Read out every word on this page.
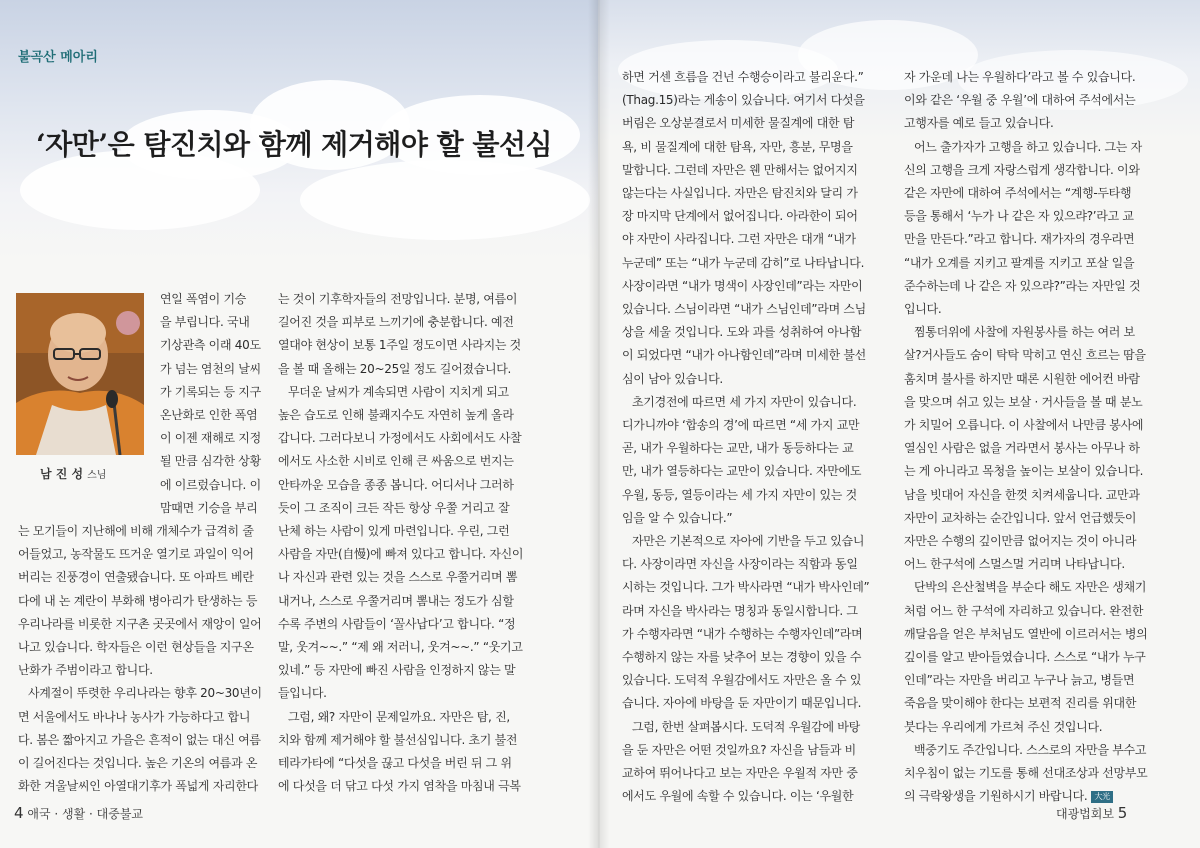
불곡산 메아리
‘자만’은 탐진치와 함께 제거해야 할 불선심
남 진 성 스님

연일 폭염이 기승

을 부립니다. 국내

기상관측 이래 40도

가 넘는 염천의 날씨

가 기록되는 등 지구

온난화로 인한 폭염

이 이젠 재해로 지정

될 만큼 심각한 상황

에 이르렀습니다. 이

맘때면 기승을 부리

는 모기들이 지난해에 비해 개체수가 급격히 줄

어들었고, 농작물도 뜨거운 열기로 과일이 익어

버리는 진풍경이 연출됐습니다. 또 아파트 베란

다에 내 논 계란이 부화해 병아리가 탄생하는 등

우리나라를 비롯한 지구촌 곳곳에서 재앙이 일어

나고 있습니다. 학자들은 이런 현상들을 지구온

난화가 주범이라고 합니다.

사계절이 뚜렷한 우리나라는 향후 20~30년이

면 서울에서도 바나나 농사가 가능하다고 합니

다. 봄은 짧아지고 가을은 흔적이 없는 대신 여름

이 길어진다는 것입니다. 높은 기온의 여름과 온

화한 겨울날씨인 아열대기후가 폭넓게 자리한다

는 것이 기후학자들의 전망입니다. 분명, 여름이

길어진 것을 피부로 느끼기에 충분합니다. 예전

열대야 현상이 보통 1주일 정도이면 사라지는 것

을 볼 때 올해는 20~25일 정도 길어졌습니다.

무더운 날씨가 계속되면 사람이 지치게 되고

높은 습도로 인해 불쾌지수도 자연히 높게 올라

갑니다. 그러다보니 가정에서도 사회에서도 사찰

에서도 사소한 시비로 인해 큰 싸움으로 번지는

안타까운 모습을 종종 봅니다. 어디서나 그러하

듯이 그 조직이 크든 작든 항상 우쭐 거리고 잘

난체 하는 사람이 있게 마련입니다. 우린, 그런

사람을 자만(自慢)에 빠져 있다고 합니다. 자신이

나 자신과 관련 있는 것을 스스로 우쭐거리며 뽐

내거나, 스스로 우쭐거리며 뽐내는 정도가 심할

수록 주변의 사람들이 ‘꼴사납다’고 합니다. “정

말, 웃겨~~.” “제 왜 저러니, 웃겨~~.” “웃기고

있네.” 등 자만에 빠진 사람을 인정하지 않는 말

들입니다.

그럼, 왜? 자만이 문제일까요. 자만은 탐, 진,

치와 함께 제거해야 할 불선심입니다. 초기 불전

테라가타에 “다섯을 끊고 다섯을 버린 뒤 그 위

에 다섯을 더 닦고 다섯 가지 염착을 마침내 극복

4 애국 · 생활 · 대중불교

하면 거센 흐름을 건넌 수행승이라고 불리운다.”

(Thag.15)라는 게송이 있습니다. 여기서 다섯을

버림은 오상분결로서 미세한 물질계에 대한 탐

욕, 비 물질계에 대한 탐욕, 자만, 흥분, 무명을

말합니다. 그런데 자만은 웬 만해서는 없어지지

않는다는 사실입니다. 자만은 탐진치와 달리 가

장 마지막 단계에서 없어집니다. 아라한이 되어

야 자만이 사라집니다. 그런 자만은 대개 “내가

누군데” 또는 “내가 누군데 감히”로 나타납니다.

사장이라면 “내가 명색이 사장인데”라는 자만이

있습니다. 스님이라면 “내가 스님인데”라며 스님

상을 세울 것입니다. 도와 과를 성취하여 아나함

이 되었다면 “내가 아나함인데”라며 미세한 불선

심이 남아 있습니다.

초기경전에 따르면 세 가지 자만이 있습니다.

디가니까야 ‘합송의 경’에 따르면 “세 가지 교만

곧, 내가 우월하다는 교만, 내가 동등하다는 교

만, 내가 열등하다는 교만이 있습니다. 자만에도

우월, 동등, 열등이라는 세 가지 자만이 있는 것

임을 알 수 있습니다.”

자만은 기본적으로 자아에 기반을 두고 있습니

다. 사장이라면 자신을 사장이라는 직함과 동일

시하는 것입니다. 그가 박사라면 “내가 박사인데”

라며 자신을 박사라는 명칭과 동일시합니다. 그

가 수행자라면 “내가 수행하는 수행자인데”라며

수행하지 않는 자를 낮추어 보는 경향이 있을 수

있습니다. 도덕적 우월감에서도 자만은 올 수 있

습니다. 자아에 바탕을 둔 자만이기 때문입니다.

그럼, 한번 살펴봅시다. 도덕적 우월감에 바탕

을 둔 자만은 어떤 것일까요? 자신을 남들과 비

교하여 뛰어나다고 보는 자만은 우월적 자만 중

에서도 우월에 속할 수 있습니다. 이는 ‘우월한

자 가운데 나는 우월하다’라고 볼 수 있습니다.

이와 같은 ‘우월 중 우월’에 대하여 주석에서는

고행자를 예로 들고 있습니다.

어느 출가자가 고행을 하고 있습니다. 그는 자

신의 고행을 크게 자랑스럽게 생각합니다. 이와

같은 자만에 대하여 주석에서는 “계행-두타행

등을 통해서 ‘누가 나 같은 자 있으랴?’라고 교

만을 만든다.”라고 합니다. 재가자의 경우라면

“내가 오계를 지키고 팔계를 지키고 포살 일을

준수하는데 나 같은 자 있으랴?”라는 자만일 것

입니다.

찜통더위에 사찰에 자원봉사를 하는 여러 보

살?거사들도 숨이 탁탁 막히고 연신 흐르는 땀을

훔치며 불사를 하지만 때론 시원한 에어컨 바람

을 맞으며 쉬고 있는 보살 · 거사들을 볼 때 분노

가 치밀어 오릅니다. 이 사찰에서 나만큼 봉사에

열심인 사람은 없을 거라면서 봉사는 아무나 하

는 게 아니라고 목청을 높이는 보살이 있습니다.

남을 빗대어 자신을 한껏 치켜세웁니다. 교만과

자만이 교차하는 순간입니다. 앞서 언급했듯이

자만은 수행의 깊이만큼 없어지는 것이 아니라

어느 한구석에 스멀스멀 거리며 나타납니다.

단박의 은산철벽을 부순다 해도 자만은 생채기

처럼 어느 한 구석에 자리하고 있습니다. 완전한

깨달음을 얻은 부처님도 열반에 이르러서는 병의

깊이를 알고 받아들였습니다. 스스로 “내가 누구

인데”라는 자만을 버리고 누구나 늙고, 병들면

죽음을 맞이해야 한다는 보편적 진리를 위대한

붓다는 우리에게 가르쳐 주신 것입니다.

백중기도 주간입니다. 스스로의 자만을 부수고

치우침이 없는 기도를 통해 선대조상과 선망부모

의 극락왕생을 기원하시기 바랍니다. 大光

대광법회보 5
